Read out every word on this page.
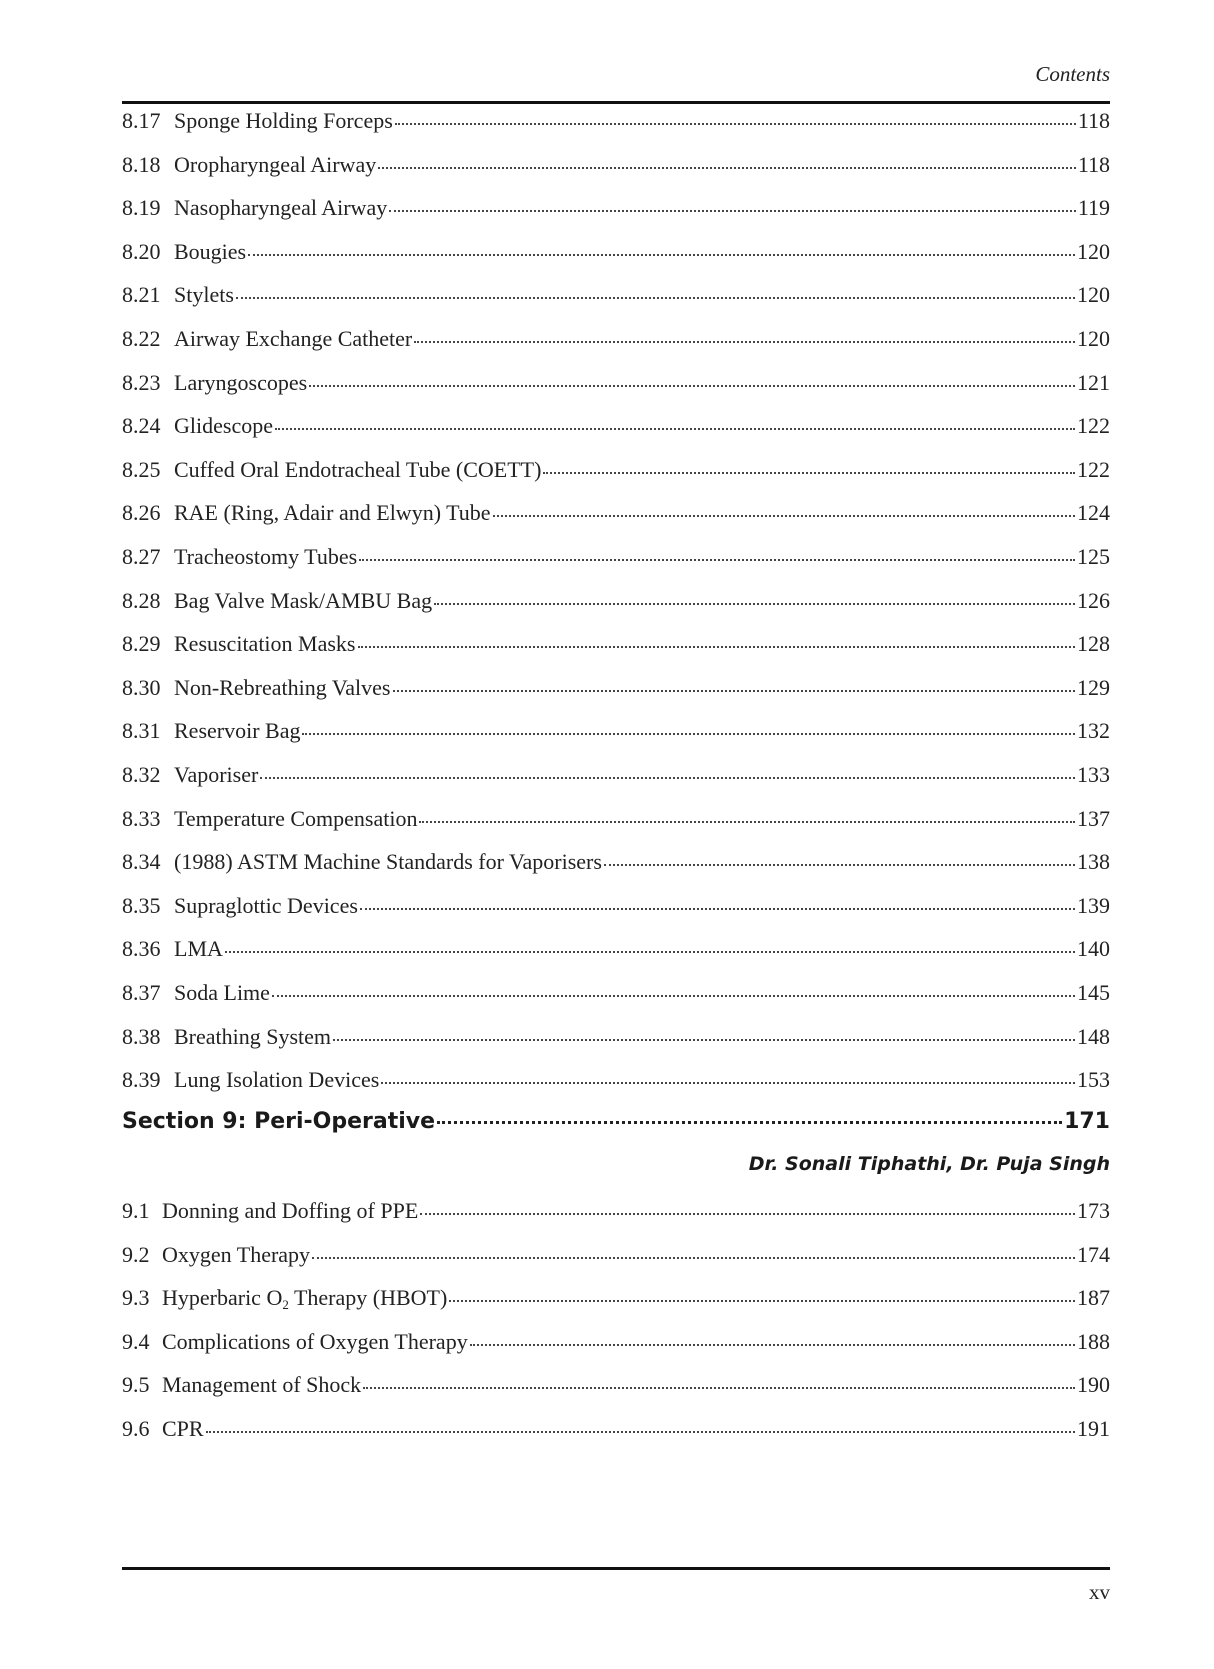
Contents
8.17 Sponge Holding Forceps	118
8.18 Oropharyngeal Airway	118
8.19 Nasopharyngeal Airway	119
8.20 Bougies	120
8.21 Stylets	120
8.22 Airway Exchange Catheter	120
8.23 Laryngoscopes	121
8.24 Glidescope	122
8.25 Cuffed Oral Endotracheal Tube (COETT)	122
8.26 RAE (Ring, Adair and Elwyn) Tube	124
8.27 Tracheostomy Tubes	125
8.28 Bag Valve Mask/AMBU Bag	126
8.29 Resuscitation Masks	128
8.30 Non-Rebreathing Valves	129
8.31 Reservoir Bag	132
8.32 Vaporiser	133
8.33 Temperature Compensation	137
8.34 (1988) ASTM Machine Standards for Vaporisers	138
8.35 Supraglottic Devices	139
8.36 LMA	140
8.37 Soda Lime	145
8.38 Breathing System	148
8.39 Lung Isolation Devices	153
Section 9: Peri-Operative	171
Dr. Sonali Tiphathi, Dr. Puja Singh
9.1 Donning and Doffing of PPE	173
9.2 Oxygen Therapy	174
9.3 Hyperbaric $O_2$ Therapy (HBOT)	187
9.4 Complications of Oxygen Therapy	188
9.5 Management of Shock	190
9.6 CPR	191
xv
